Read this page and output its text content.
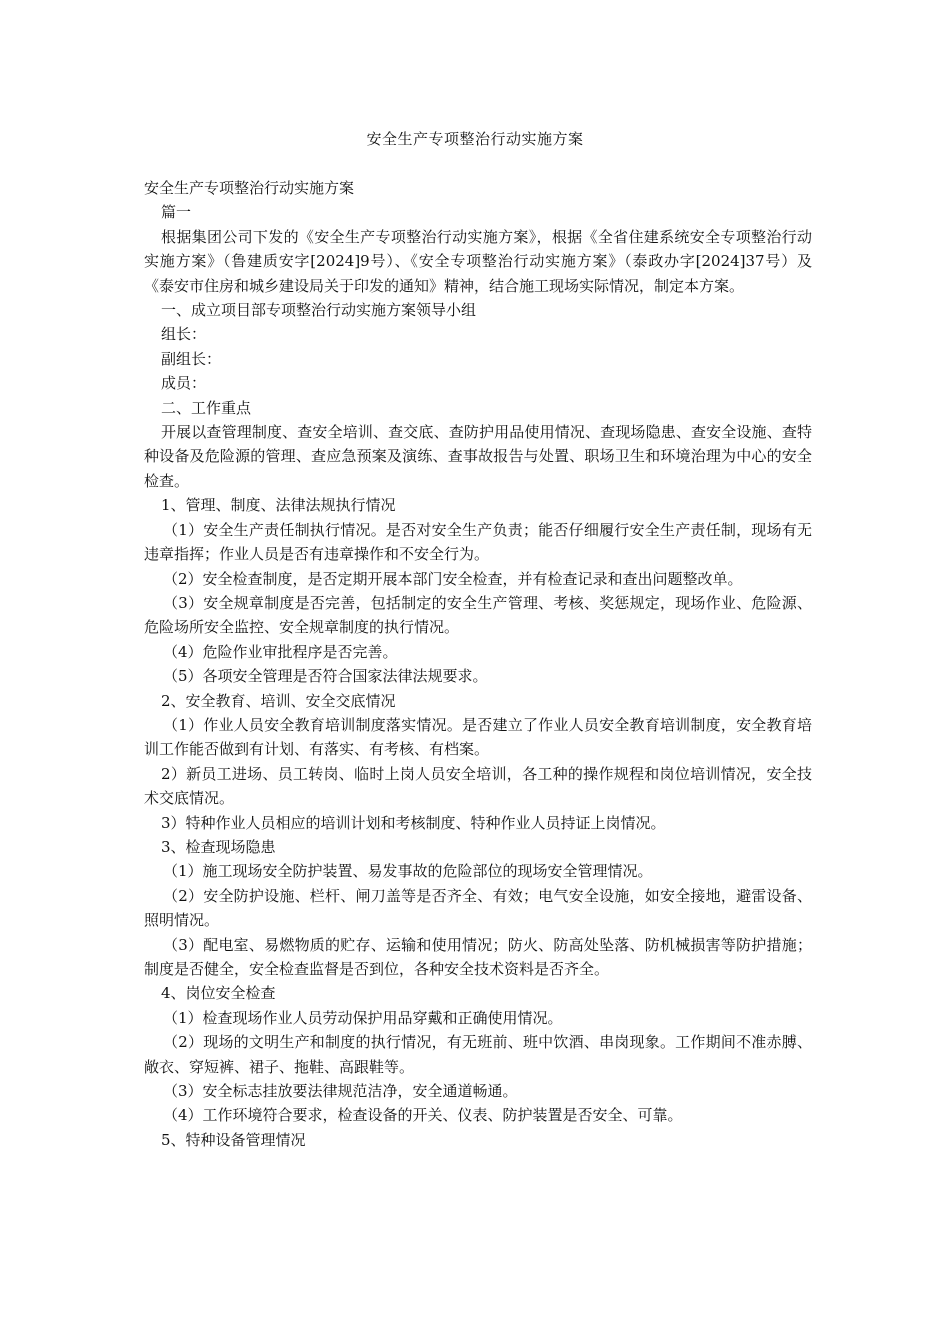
安全生产专项整治行动实施方案

安全生产专项整治行动实施方案

篇一

根据集团公司下发的《安全生产专项整治行动实施方案》，根据《全省住建系统安全专项整治行动实施方案》（鲁建质安字[2024]9号）、《安全专项整治行动实施方案》（泰政办字[2024]37号）及《泰安市住房和城乡建设局关于印发的通知》精神，结合施工现场实际情况，制定本方案。

一、成立项目部专项整治行动实施方案领导小组

组长：

副组长：

成员：

二、工作重点

开展以查管理制度、查安全培训、查交底、查防护用品使用情况、查现场隐患、查安全设施、查特种设备及危险源的管理、查应急预案及演练、查事故报告与处置、职场卫生和环境治理为中心的安全检查。

1、管理、制度、法律法规执行情况

（1）安全生产责任制执行情况。是否对安全生产负责；能否仔细履行安全生产责任制，现场有无违章指挥；作业人员是否有违章操作和不安全行为。

（2）安全检查制度，是否定期开展本部门安全检查，并有检查记录和查出问题整改单。

（3）安全规章制度是否完善，包括制定的安全生产管理、考核、奖惩规定，现场作业、危险源、危险场所安全监控、安全规章制度的执行情况。

（4）危险作业审批程序是否完善。

（5）各项安全管理是否符合国家法律法规要求。

2、安全教育、培训、安全交底情况

（1）作业人员安全教育培训制度落实情况。是否建立了作业人员安全教育培训制度，安全教育培训工作能否做到有计划、有落实、有考核、有档案。

2）新员工进场、员工转岗、临时上岗人员安全培训，各工种的操作规程和岗位培训情况，安全技术交底情况。

3）特种作业人员相应的培训计划和考核制度、特种作业人员持证上岗情况。

3、检查现场隐患

（1）施工现场安全防护装置、易发事故的危险部位的现场安全管理情况。

（2）安全防护设施、栏杆、闸刀盖等是否齐全、有效；电气安全设施，如安全接地，避雷设备、照明情况。

（3）配电室、易燃物质的贮存、运输和使用情况；防火、防高处坠落、防机械损害等防护措施；制度是否健全，安全检查监督是否到位，各种安全技术资料是否齐全。

4、岗位安全检查

（1）检查现场作业人员劳动保护用品穿戴和正确使用情况。

（2）现场的文明生产和制度的执行情况，有无班前、班中饮酒、串岗现象。工作期间不准赤膊、敞衣、穿短裤、裙子、拖鞋、高跟鞋等。

（3）安全标志挂放要法律规范洁净，安全通道畅通。

（4）工作环境符合要求，检查设备的开关、仪表、防护装置是否安全、可靠。

5、特种设备管理情况
